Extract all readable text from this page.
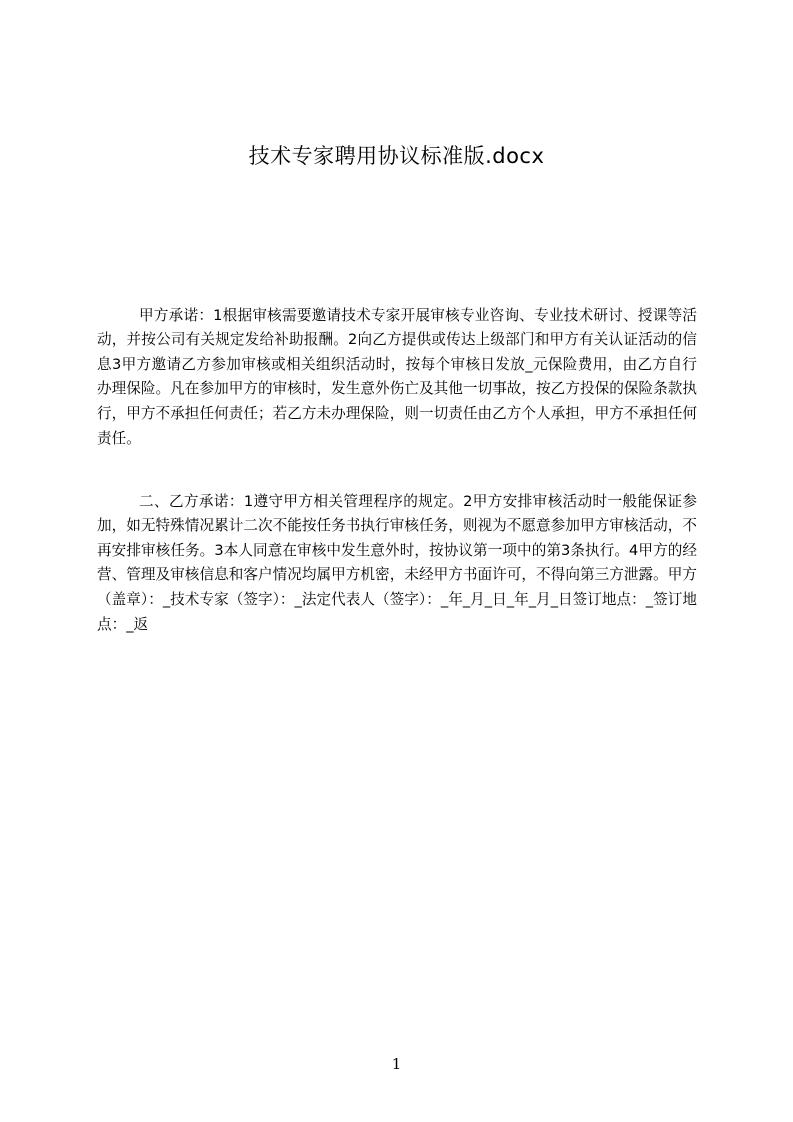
技术专家聘用协议标准版.docx

甲方承诺：1根据审核需要邀请技术专家开展审核专业咨询、专业技术研讨、授课等活动，并按公司有关规定发给补助报酬。2向乙方提供或传达上级部门和甲方有关认证活动的信息3甲方邀请乙方参加审核或相关组织活动时，按每个审核日发放_元保险费用，由乙方自行办理保险。凡在参加甲方的审核时，发生意外伤亡及其他一切事故，按乙方投保的保险条款执行，甲方不承担任何责任；若乙方未办理保险，则一切责任由乙方个人承担，甲方不承担任何责任。

二、乙方承诺：1遵守甲方相关管理程序的规定。2甲方安排审核活动时一般能保证参加，如无特殊情况累计二次不能按任务书执行审核任务，则视为不愿意参加甲方审核活动，不再安排审核任务。3本人同意在审核中发生意外时，按协议第一项中的第3条执行。4甲方的经营、管理及审核信息和客户情况均属甲方机密，未经甲方书面许可，不得向第三方泄露。甲方（盖章）：_技术专家（签字）：_法定代表人（签字）：_年_月_日_年_月_日签订地点：_签订地点：_返

1
